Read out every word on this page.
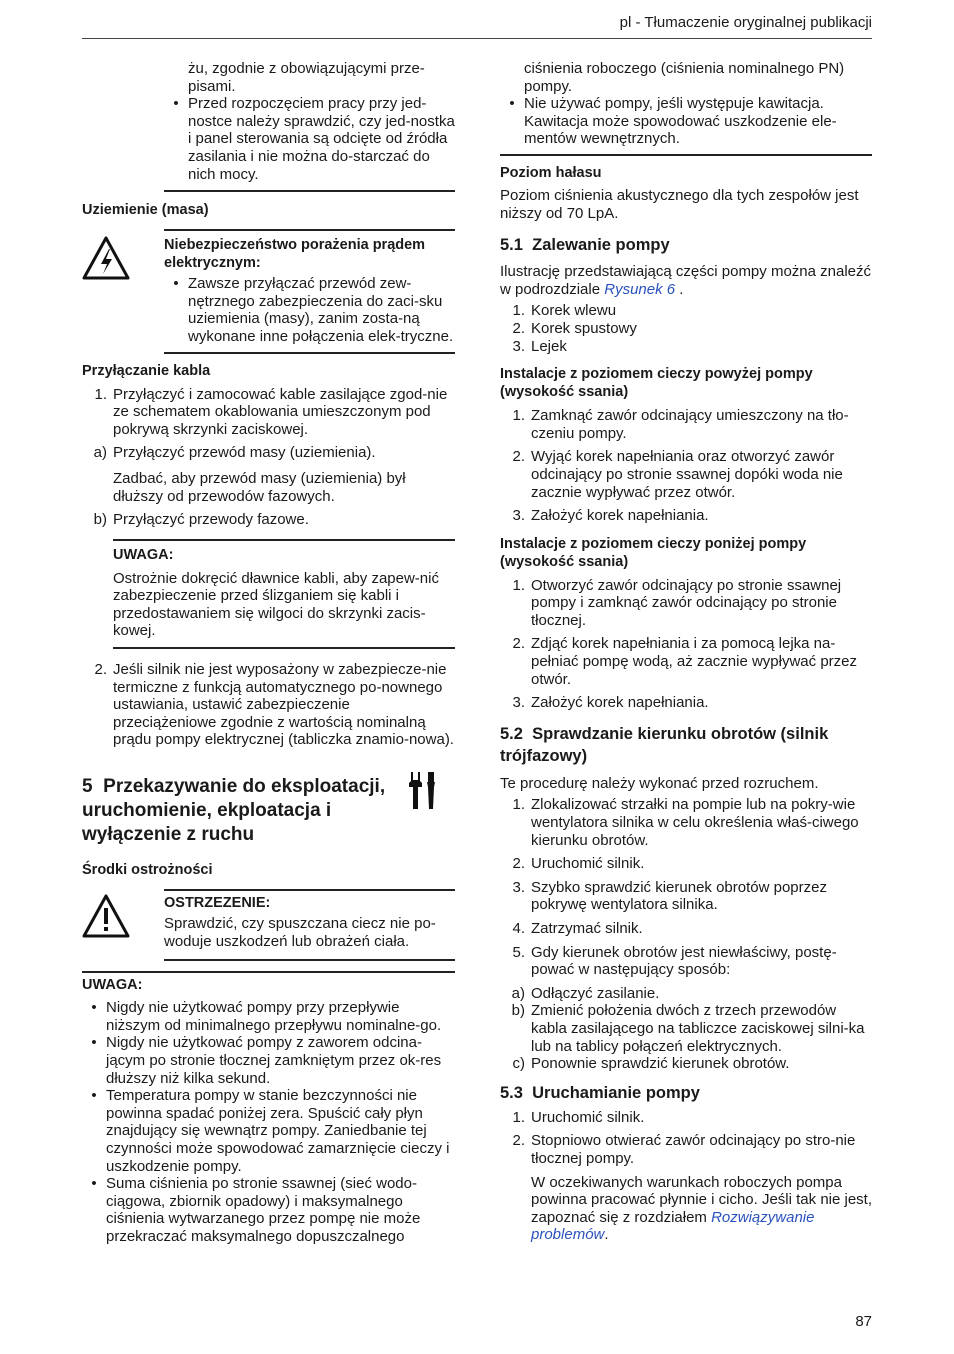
pl - Tłumaczenie oryginalnej publikacji

żu, zgodnie z obowiązującymi prze-pisami.

• Przed rozpoczęciem pracy przy jed-nostce należy sprawdzić, czy jed-nostka i panel sterowania są odcięte od źródła zasilania i nie można do-starczać do nich mocy.

Uziemienie (masa)

Niebezpieczeństwo porażenia prądem elektrycznym:

• Zawsze przyłączać przewód zew-nętrznego zabezpieczenia do zaci-sku uziemienia (masy), zanim zosta-ną wykonane inne połączenia elek-tryczne.

Przyłączanie kabla

1. Przyłączyć i zamocować kable zasilające zgod-nie ze schematem okablowania umieszczonym pod pokrywą skrzynki zaciskowej.

a) Przyłączyć przewód masy (uziemienia).

Zadbać, aby przewód masy (uziemienia) był dłuższy od przewodów fazowych.

b) Przyłączyć przewody fazowe.

UWAGA:

Ostrożnie dokręcić dławnice kabli, aby zapew-nić zabezpieczenie przed ślizganiem się kabli i przedostawaniem się wilgoci do skrzynki zacis-kowej.

2. Jeśli silnik nie jest wyposażony w zabezpiecze-nie termiczne z funkcją automatycznego po-nownego ustawiania, ustawić zabezpieczenie przeciążeniowe zgodnie z wartością nominalną prądu pompy elektrycznej (tabliczka znamio-nowa).

5 Przekazywanie do eksploatacji, uruchomienie, ekploatacja i wyłączenie z ruchu

Środki ostrożności

OSTRZEZENIE:

Sprawdzić, czy spuszczana ciecz nie po-woduje uszkodzeń lub obrażeń ciała.

UWAGA:

• Nigdy nie użytkować pompy przy przepływie niższym od minimalnego przepływu nominalne-go.

• Nigdy nie użytkować pompy z zaworem odcina-jącym po stronie tłocznej zamkniętym przez ok-res dłuższy niż kilka sekund.

• Temperatura pompy w stanie bezczynności nie powinna spadać poniżej zera. Spuścić cały płyn znajdujący się wewnątrz pompy. Zaniedbanie tej czynności może spowodować zamarznięcie cieczy i uszkodzenie pompy.

• Suma ciśnienia po stronie ssawnej (sieć wodo-ciągowa, zbiornik opadowy) i maksymalnego ciśnienia wytwarzanego przez pompę nie może przekraczać maksymalnego dopuszczalnego

ciśnienia roboczego (ciśnienia nominalnego PN) pompy.

• Nie używać pompy, jeśli występuje kawitacja. Kawitacja może spowodować uszkodzenie ele-mentów wewnętrznych.

Poziom hałasu

Poziom ciśnienia akustycznego dla tych zespołów jest niższy od 70 LpA.

5.1 Zalewanie pompy

Ilustrację przedstawiającą części pompy można znaleźć w podrozdziale Rysunek 6 .

1. Korek wlewu

2. Korek spustowy

3. Lejek

Instalacje z poziomem cieczy powyżej pompy (wysokość ssania)

1. Zamknąć zawór odcinający umieszczony na tło-czeniu pompy.

2. Wyjąć korek napełniania oraz otworzyć zawór odcinający po stronie ssawnej dopóki woda nie zacznie wypływać przez otwór.

3. Założyć korek napełniania.

Instalacje z poziomem cieczy poniżej pompy (wysokość ssania)

1. Otworzyć zawór odcinający po stronie ssawnej pompy i zamknąć zawór odcinający po stronie tłocznej.

2. Zdjąć korek napełniania i za pomocą lejka na-pełniać pompę wodą, aż zacznie wypływać przez otwór.

3. Założyć korek napełniania.

5.2 Sprawdzanie kierunku obrotów (silnik trójfazowy)

Te procedurę należy wykonać przed rozruchem.

1. Zlokalizować strzałki na pompie lub na pokry-wie wentylatora silnika w celu określenia właś-ciwego kierunku obrotów.

2. Uruchomić silnik.

3. Szybko sprawdzić kierunek obrotów poprzez pokrywę wentylatora silnika.

4. Zatrzymać silnik.

5. Gdy kierunek obrotów jest niewłaściwy, postę-pować w następujący sposób:

a) Odłączyć zasilanie.

b) Zmienić położenia dwóch z trzech przewodów kabla zasilającego na tabliczce zaciskowej silni-ka lub na tablicy połączeń elektrycznych.

c) Ponownie sprawdzić kierunek obrotów.

5.3 Uruchamianie pompy

1. Uruchomić silnik.

2. Stopniowo otwierać zawór odcinający po stro-nie tłocznej pompy.

W oczekiwanych warunkach roboczych pompa powinna pracować płynnie i cicho. Jeśli tak nie jest, zapoznać się z rozdziałem Rozwiązywanie problemów.

87
